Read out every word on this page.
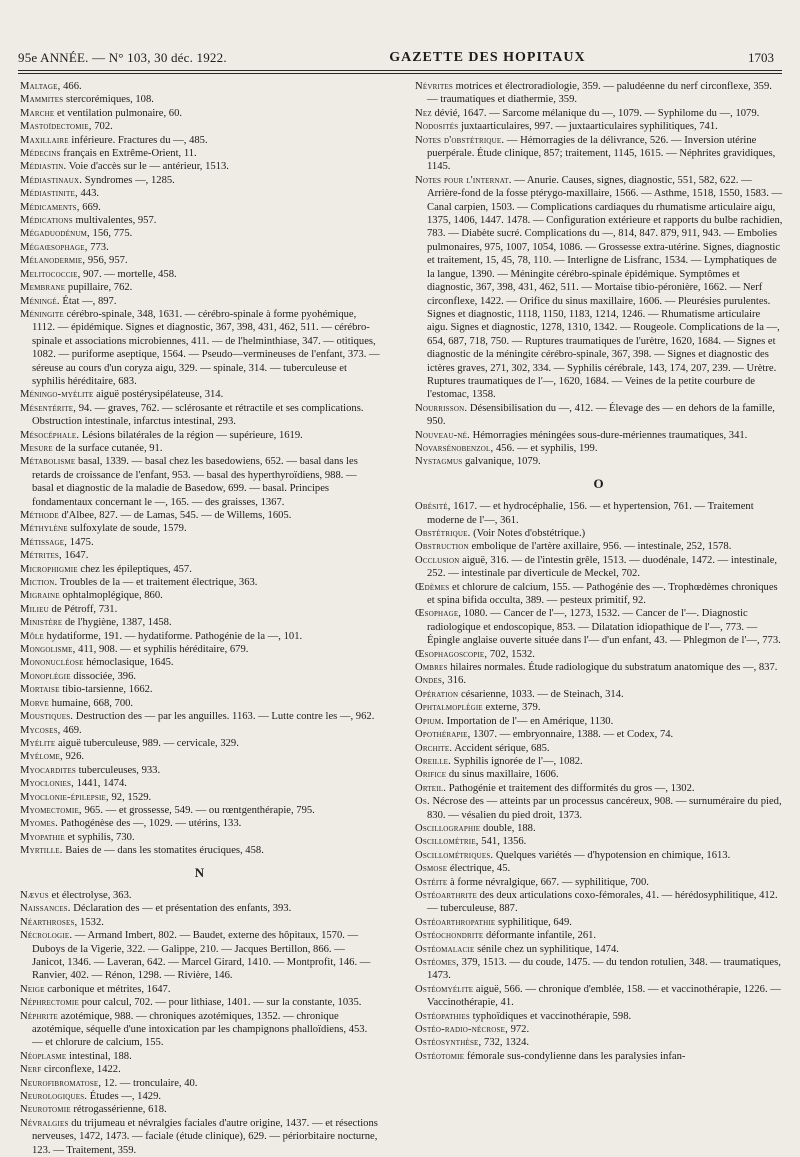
95e ANNÉE. — N° 103, 30 déc. 1922.	GAZETTE DES HOPITAUX	1703

Maltage, 466.

Mammites stercorémiques, 108.

Marche et ventilation pulmonaire, 60.

Mastoïdectomie, 702.

Maxillaire inférieure. Fractures du —, 485.

Médecins français en Extrême-Orient, 11.

Médiastin. Voie d'accès sur le — antérieur, 1513.

Médiastinaux. Syndromes —, 1285.

Médiastinite, 443.

Médicaments, 669.

Médications multivalentes, 957.

Mégaduodénum, 156, 775.

Mégaœsophage, 773.

Mélanodermie, 956, 957.

Melitococcie, 907. — mortelle, 458.

Membrane pupillaire, 762.

Méningé. État —, 897.

Méningite cérébro-spinale, 348, 1631. — cérébro-spinale à forme pyohémique, 1112. — épidémique. Signes et diagnostic, 367, 398, 431, 462, 511. — cérébro-spinale et associations microbiennes, 411. — de l'helminthiase, 347. — otitiques, 1082. — puriforme aseptique, 1564. — Pseudo—vermineuses de l'enfant, 373. — séreuse au cours d'un coryza aigu, 329. — spinale, 314. — tuberculeuse et syphilis héréditaire, 683.

Méningo-myélite aiguë postérysipélateuse, 314.

Mésentérite, 94. — graves, 762. — sclérosante et rétractile et ses complications. Obstruction intestinale, infarctus intestinal, 293.

Mésocéphale. Lésions bilatérales de la région — supérieure, 1619.

Mesure de la surface cutanée, 91.

Métabolisme basal, 1339. — basal chez les basedowiens, 652. — basal dans les retards de croissance de l'enfant, 953. — basal des hyperthyroïdiens, 988. — basal et diagnostic de la maladie de Basedow, 699. — basal. Principes fondamentaux concernant le —, 165. — des graisses, 1367.

Méthode d'Albee, 827. — de Lamas, 545. — de Willems, 1605.

Méthylène sulfoxylate de soude, 1579.

Métissage, 1475.

Métrites, 1647.

Microphigmie chez les épileptiques, 457.

Miction. Troubles de la — et traitement électrique, 363.

Migraine ophtalmoplégique, 860.

Milieu de Pétroff, 731.

Ministère de l'hygiène, 1387, 1458.

Môle hydatiforme, 191. — hydatiforme. Pathogénie de la —, 101.

Mongolisme, 411, 908. — et syphilis héréditaire, 679.

Mononucléose hémoclasique, 1645.

Monoplégie dissociée, 396.

Mortaise tibio-tarsienne, 1662.

Morve humaine, 668, 700.

Moustiques. Destruction des — par les anguilles. 1163. — Lutte contre les —, 962.

Mycoses, 469.

Myélite aiguë tuberculeuse, 989. — cervicale, 329.

Myélome, 926.

Myocardites tuberculeuses, 933.

Myoclonies, 1441, 1474.

Myoclonie-épilepsie, 92, 1529.

Myomectomie, 965. — et grossesse, 549. — ou rœntgenthérapie, 795.

Myomes. Pathogénèse des —, 1029. — utérins, 133.

Myopathie et syphilis, 730.

Myrtille. Baies de — dans les stomatites éruciques, 458.

N

Nævus et électrolyse, 363.

Naissances. Déclaration des — et présentation des enfants, 393.

Néarthroses, 1532.

Nécrologie. — Armand Imbert, 802. — Baudet, externe des hôpitaux, 1570. — Duboys de la Vigerie, 322. — Galippe, 210. — Jacques Bertillon, 866. — Janicot, 1346. — Laveran, 642. — Marcel Girard, 1410. — Montprofit, 146. — Ranvier, 402. — Rénon, 1298. — Rivière, 146.

Neige carbonique et métrites, 1647.

Néphrectomie pour calcul, 702. — pour lithiase, 1401. — sur la constante, 1035.

Néphrite azotémique, 988. — chroniques azotémiques, 1352. — chronique azotémique, séquelle d'une intoxication par les champignons phalloïdiens, 453. — et chlorure de calcium, 155.

Néoplasme intestinal, 188.

Nerf circonflexe, 1422.

Neurofibromatose, 12. — tronculaire, 40.

Neurologiques. Études —, 1429.

Neurotomie rétrogassérienne, 618.

Névralgies du trijumeau et névralgies faciales d'autre origine, 1437. — et résections nerveuses, 1472, 1473. — faciale (étude clinique), 629. — périorbitaire nocturne, 123. — Traitement, 359.

Névrites motrices et électroradiologie, 359. — paludéenne du nerf circonflexe, 359. — traumatiques et diathermie, 359.

Nez dévié, 1647. — Sarcome mélanique du —, 1079. — Syphilome du —, 1079.

Nodosités juxtaarticulaires, 997. — juxtaarticulaires syphilitiques, 741.

Notes d'obstétrique. — Hémorragies de la délivrance, 526. — Inversion utérine puerpérale. Étude clinique, 857; traitement, 1145, 1615. — Néphrites gravidiques, 1145.

Notes pour l'internat. — Anurie. Causes, signes, diagnostic, 551, 582, 622. — Arrière-fond de la fosse ptérygo-maxillaire, 1566. — Asthme, 1518, 1550, 1583. — Canal carpien, 1503. — Complications cardiaques du rhumatisme articulaire aigu, 1375, 1406, 1447. 1478. — Configuration extérieure et rapports du bulbe rachidien, 783. — Diabète sucré. Complications du —, 814, 847. 879, 911, 943. — Embolies pulmonaires, 975, 1007, 1054, 1086. — Grossesse extra-utérine. Signes, diagnostic et traitement, 15, 45, 78, 110. — Interligne de Lisfranc, 1534. — Lymphatiques de la langue, 1390. — Méningite cérébro-spinale épidémique. Symptômes et diagnostic, 367, 398, 431, 462, 511. — Mortaise tibio-péronière, 1662. — Nerf circonflexe, 1422. — Orifice du sinus maxillaire, 1606. — Pleurésies purulentes. Signes et diagnostic, 1118, 1150, 1183, 1214, 1246. — Rhumatisme articulaire aigu. Signes et diagnostic, 1278, 1310, 1342. — Rougeole. Complications de la —, 654, 687, 718, 750. — Ruptures traumatiques de l'urètre, 1620, 1684. — Signes et diagnostic de la méningite cérébro-spinale, 367, 398. — Signes et diagnostic des ictères graves, 271, 302, 334. — Syphilis cérébrale, 143, 174, 207, 239. — Urètre. Ruptures traumatiques de l'—, 1620, 1684. — Veines de la petite courbure de l'estomac, 1358.

Nourrisson. Désensibilisation du —, 412. — Élevage des — en dehors de la famille, 950.

Nouveau-né. Hémorragies méningées sous-dure-mériennes traumatiques, 341.

Novarsénobenzol, 456. — et syphilis, 199.

Nystagmus galvanique, 1079.

O

Obésité, 1617. — et hydrocéphalie, 156. — et hypertension, 761. — Traitement moderne de l'—, 361.

Obstétrique. (Voir Notes d'obstétrique.)

Obstruction embolique de l'artère axillaire, 956. — intestinale, 252, 1578.

Occlusion aiguë, 316. — de l'intestin grêle, 1513. — duodénale, 1472. — intestinale, 252. — intestinale par diverticule de Meckel, 702.

Œdèmes et chlorure de calcium, 155. — Pathogénie des —. Trophœdèmes chroniques et spina bifida occulta, 389. — pesteux primitif, 92.

Œsophage, 1080. — Cancer de l'—, 1273, 1532. — Cancer de l'—. Diagnostic radiologique et endoscopique, 853. — Dilatation idiopathique de l'—, 773. — Épingle anglaise ouverte située dans l'— d'un enfant, 43. — Phlegmon de l'—, 773.

Œsophagoscopie, 702, 1532.

Ombres hilaires normales. Étude radiologique du substratum anatomique des —, 837.

Ondes, 316.

Opération césarienne, 1033. — de Steinach, 314.

Ophtalmoplégie externe, 379.

Opium. Importation de l'— en Amérique, 1130.

Opothérapie, 1307. — embryonnaire, 1388. — et Codex, 74.

Orchite. Accident sérique, 685.

Oreille. Syphilis ignorée de l'—, 1082.

Orifice du sinus maxillaire, 1606.

Orteil. Pathogénie et traitement des difformités du gros —, 1302.

Os. Nécrose des — atteints par un processus cancéreux, 908. — surnuméraire du pied, 830. — vésalien du pied droit, 1373.

Oscillographie double, 188.

Oscillométrie, 541, 1356.

Oscillométriques. Quelques variétés — d'hypotension en chimique, 1613.

Osmose électrique, 45.

Ostéite à forme névralgique, 667. — syphilitique, 700.

Ostéoarthrite des deux articulations coxo-fémorales, 41. — hérédosyphilitique, 412. — tuberculeuse, 887.

Ostéoarthropathie syphilitique, 649.

Ostéochondrite déformante infantile, 261.

Ostéomalacie sénile chez un syphilitique, 1474.

Ostéomes, 379, 1513. — du coude, 1475. — du tendon rotulien, 348. — traumatiques, 1473.

Ostéomyélite aiguë, 566. — chronique d'emblée, 158. — et vaccinothérapie, 1226. — Vaccinothérapie, 41.

Ostéopathies typhoïdiques et vaccinothérapie, 598.

Ostéo-radio-nécrose, 972.

Ostéosynthèse, 732, 1324.

Ostéotomie fémorale sus-condylienne dans les paralysies infan-
